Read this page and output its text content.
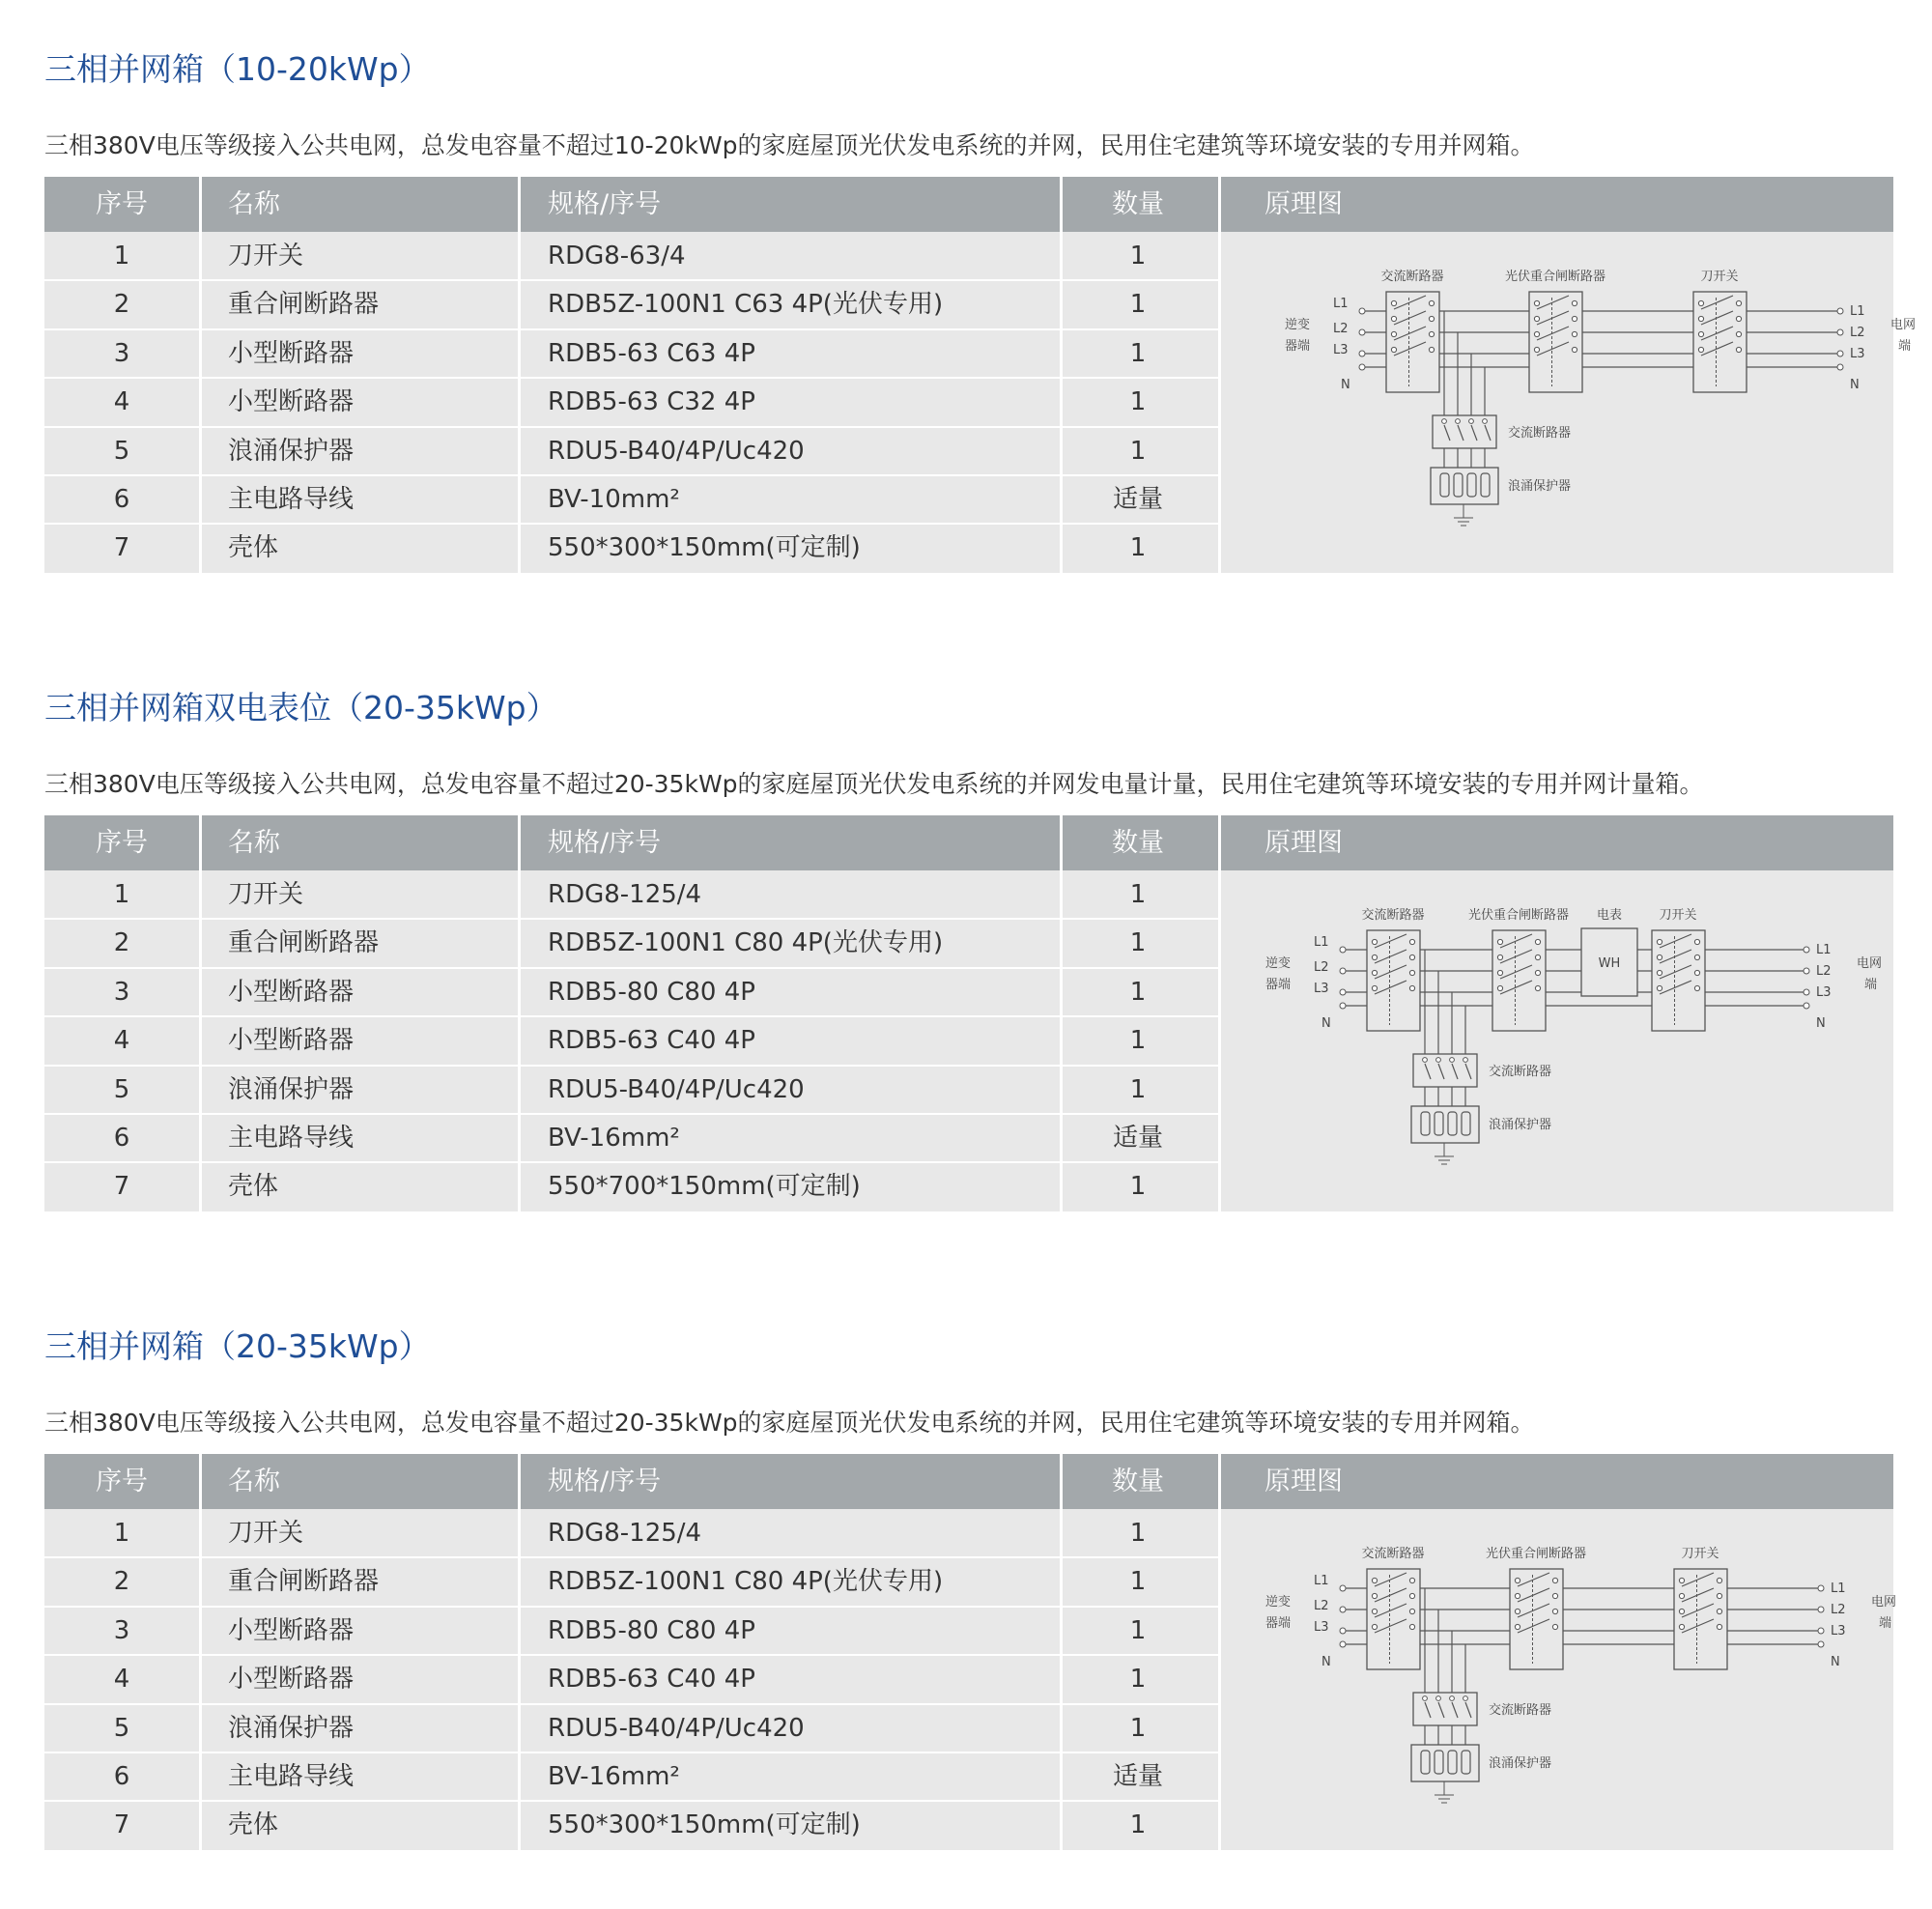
三相并网箱（10-20kWp）
三相380V电压等级接入公共电网，总发电容量不超过10-20kWp的家庭屋顶光伏发电系统的并网，民用住宅建筑等环境安装的专用并网箱。
序号	名称	规格/序号	数量	原理图
1	刀开关	RDG8-63/4	1
2	重合闸断路器	RDB5Z-100N1 C63 4P(光伏专用)	1
3	小型断路器	RDB5-63 C63 4P	1
4	小型断路器	RDB5-63 C32 4P	1
5	浪涌保护器	RDU5-B40/4P/Uc420	1
6	主电路导线	BV-10mm²	适量
7	壳体	550*300*150mm(可定制)	1
L1
L2
L3
N
逆变
器端
交流断路器	光伏重合闸断路器	刀开关
L1
L2
L3
N
电网
端
交流断路器
浪涌保护器
三相并网箱双电表位（20-35kWp）
三相380V电压等级接入公共电网，总发电容量不超过20-35kWp的家庭屋顶光伏发电系统的并网发电量计量，民用住宅建筑等环境安装的专用并网计量箱。
序号	名称	规格/序号	数量	原理图
1	刀开关	RDG8-125/4	1
2	重合闸断路器	RDB5Z-100N1 C80 4P(光伏专用)	1
3	小型断路器	RDB5-80 C80 4P	1
4	小型断路器	RDB5-63 C40 4P	1
5	浪涌保护器	RDU5-B40/4P/Uc420	1
6	主电路导线	BV-16mm²	适量
7	壳体	550*700*150mm(可定制)	1
L1
L2
L3
N
逆变
器端
交流断路器	光伏重合闸断路器	刀开关
WH
电表
L1
L2
L3
N
电网
端
交流断路器
浪涌保护器
三相并网箱（20-35kWp）
三相380V电压等级接入公共电网，总发电容量不超过20-35kWp的家庭屋顶光伏发电系统的并网，民用住宅建筑等环境安装的专用并网箱。
序号	名称	规格/序号	数量	原理图
1	刀开关	RDG8-125/4	1
2	重合闸断路器	RDB5Z-100N1 C80 4P(光伏专用)	1
3	小型断路器	RDB5-80 C80 4P	1
4	小型断路器	RDB5-63 C40 4P	1
5	浪涌保护器	RDU5-B40/4P/Uc420	1
6	主电路导线	BV-16mm²	适量
7	壳体	550*300*150mm(可定制)	1
L1
L2
L3
N
逆变
器端
交流断路器	光伏重合闸断路器	刀开关
L1
L2
L3
N
电网
端
交流断路器
浪涌保护器
